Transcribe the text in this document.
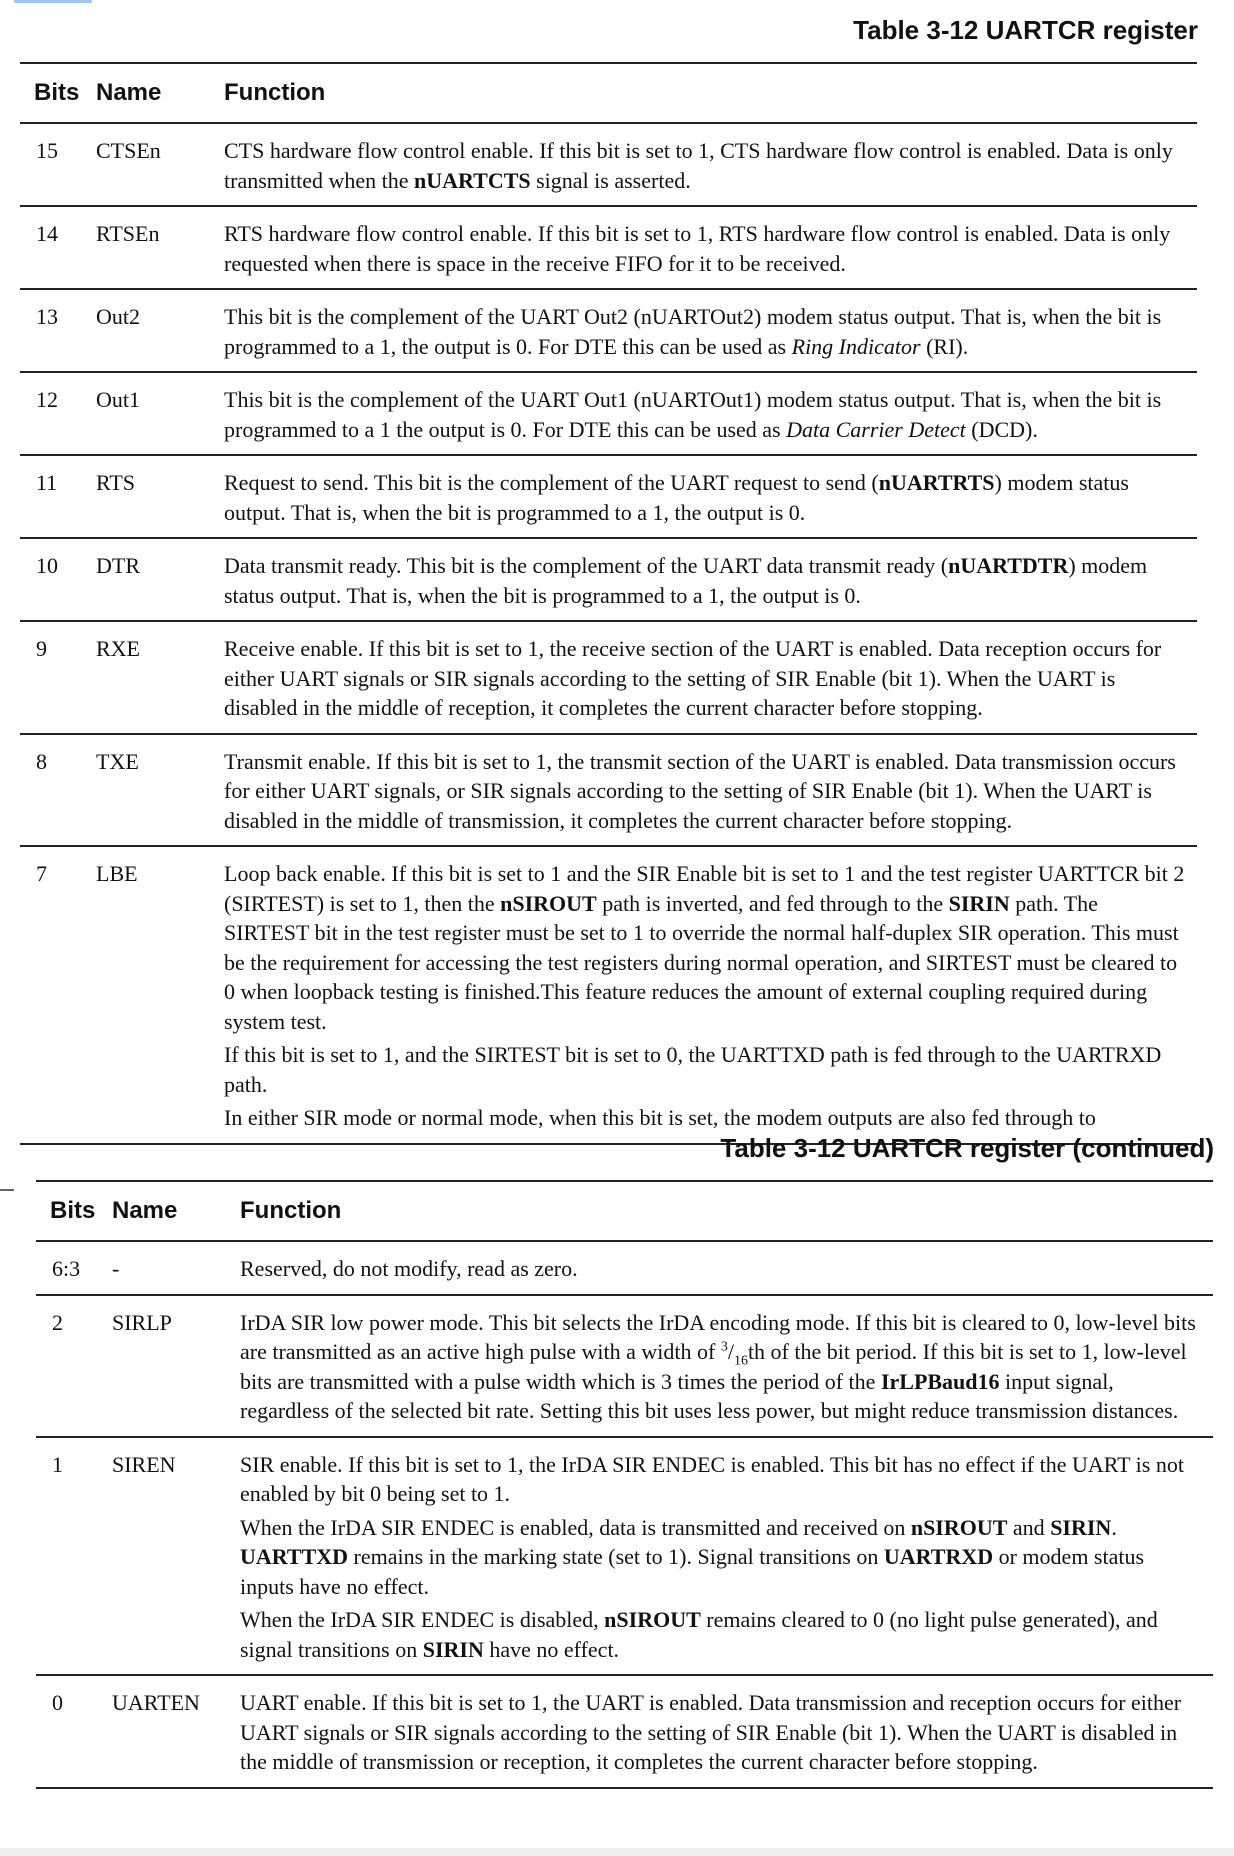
Table 3-12 UARTCR register
Bits Name	Function
15	CTSEn	CTS hardware flow control enable. If this bit is set to 1, CTS hardware flow control is enabled. Data is only transmitted when the nUARTCTS signal is asserted.

14	RTSEn	RTS hardware flow control enable. If this bit is set to 1, RTS hardware flow control is enabled. Data is only requested when there is space in the receive FIFO for it to be received.

13	Out2	This bit is the complement of the UART Out2 (nUARTOut2) modem status output. That is, when the bit is programmed to a 1, the output is 0. For DTE this can be used as Ring Indicator (RI).

12	Out1	This bit is the complement of the UART Out1 (nUARTOut1) modem status output. That is, when the bit is programmed to a 1 the output is 0. For DTE this can be used as Data Carrier Detect (DCD).

11	RTS	Request to send. This bit is the complement of the UART request to send (nUARTRTS) modem status output. That is, when the bit is programmed to a 1, the output is 0.

10	DTR	Data transmit ready. This bit is the complement of the UART data transmit ready (nUARTDTR) modem status output. That is, when the bit is programmed to a 1, the output is 0.

9	RXE	Receive enable. If this bit is set to 1, the receive section of the UART is enabled. Data reception occurs for either UART signals or SIR signals according to the setting of SIR Enable (bit 1). When the UART is disabled in the middle of reception, it completes the current character before stopping.

8	TXE	Transmit enable. If this bit is set to 1, the transmit section of the UART is enabled. Data transmission occurs for either UART signals, or SIR signals according to the setting of SIR Enable (bit 1). When the UART is disabled in the middle of transmission, it completes the current character before stopping.

7	LBE	Loop back enable. If this bit is set to 1 and the SIR Enable bit is set to 1 and the test register UARTTCR bit 2 (SIRTEST) is set to 1, then the nSIROUT path is inverted, and fed through to the SIRIN path. The SIRTEST bit in the test register must be set to 1 to override the normal half-duplex SIR operation. This must be the requirement for accessing the test registers during normal operation, and SIRTEST must be cleared to 0 when loopback testing is finished.This feature reduces the amount of external coupling required during system test.

If this bit is set to 1, and the SIRTEST bit is set to 0, the UARTTXD path is fed through to the UARTRXD path.

In either SIR mode or normal mode, when this bit is set, the modem outputs are also fed through to

Table 3-12 UARTCR register (continued)
Bits Name	Function
6:3	-	Reserved, do not modify, read as zero.

2	SIRLP	IrDA SIR low power mode. This bit selects the IrDA encoding mode. If this bit is cleared to 0, low-level bits are transmitted as an active high pulse with a width of $^3/_{16}th$ of the bit period. If this bit is set to 1, low-level bits are transmitted with a pulse width which is 3 times the period of the IrLPBaud16 input signal, regardless of the selected bit rate. Setting this bit uses less power, but might reduce transmission distances.

1	SIREN	SIR enable. If this bit is set to 1, the IrDA SIR ENDEC is enabled. This bit has no effect if the UART is not enabled by bit 0 being set to 1.

When the IrDA SIR ENDEC is enabled, data is transmitted and received on nSIROUT and SIRIN. UARTTXD remains in the marking state (set to 1). Signal transitions on UARTRXD or modem status inputs have no effect.

When the IrDA SIR ENDEC is disabled, nSIROUT remains cleared to 0 (no light pulse generated), and signal transitions on SIRIN have no effect.

0	UARTEN	UART enable. If this bit is set to 1, the UART is enabled. Data transmission and reception occurs for either UART signals or SIR signals according to the setting of SIR Enable (bit 1). When the UART is disabled in the middle of transmission or reception, it completes the current character before stopping.
